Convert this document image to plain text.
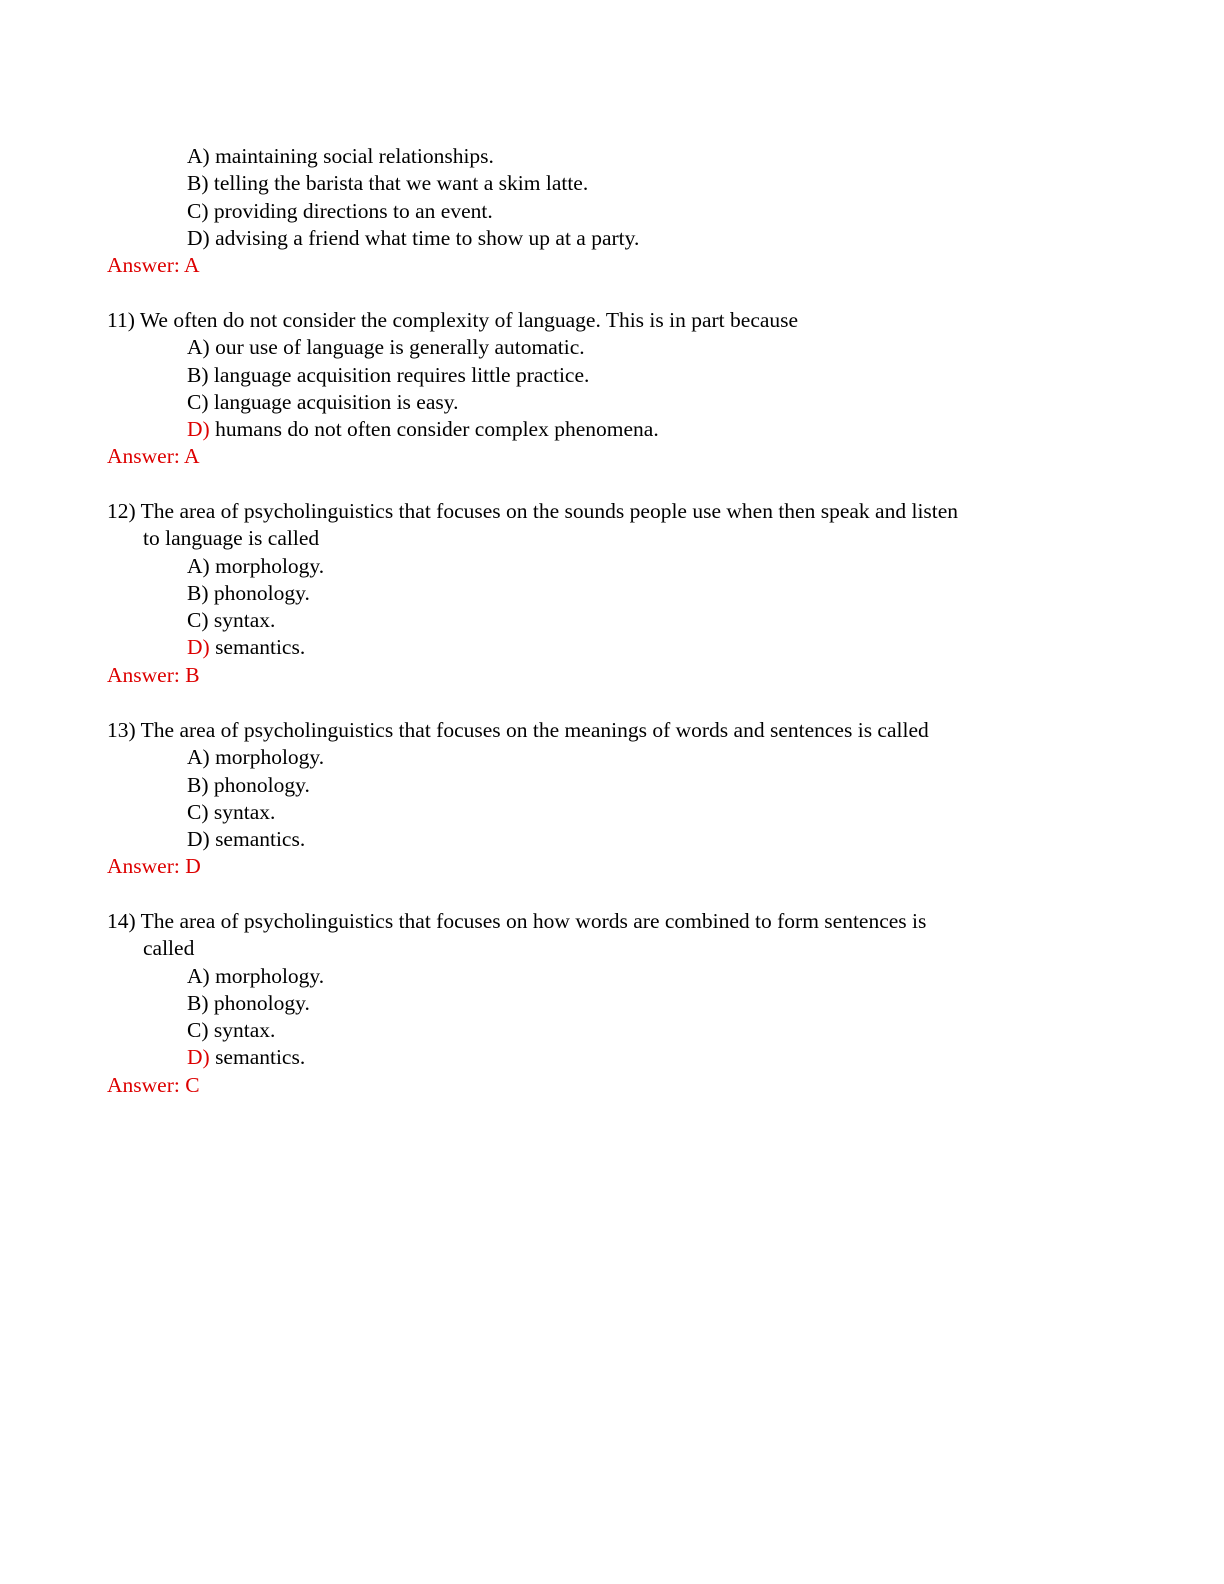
A) maintaining social relationships.
B) telling the barista that we want a skim latte.
C) providing directions to an event.
D) advising a friend what time to show up at a party.
Answer: A
11) We often do not consider the complexity of language. This is in part because
A) our use of language is generally automatic.
B) language acquisition requires little practice.
C) language acquisition is easy.
D) humans do not often consider complex phenomena.
Answer: A
12) The area of psycholinguistics that focuses on the sounds people use when then speak and listen
to language is called
A) morphology.
B) phonology.
C) syntax.
D) semantics.
Answer: B
13) The area of psycholinguistics that focuses on the meanings of words and sentences is called
A) morphology.
B) phonology.
C) syntax.
D) semantics.
Answer: D
14) The area of psycholinguistics that focuses on how words are combined to form sentences is
called
A) morphology.
B) phonology.
C) syntax.
D) semantics.
Answer: C
